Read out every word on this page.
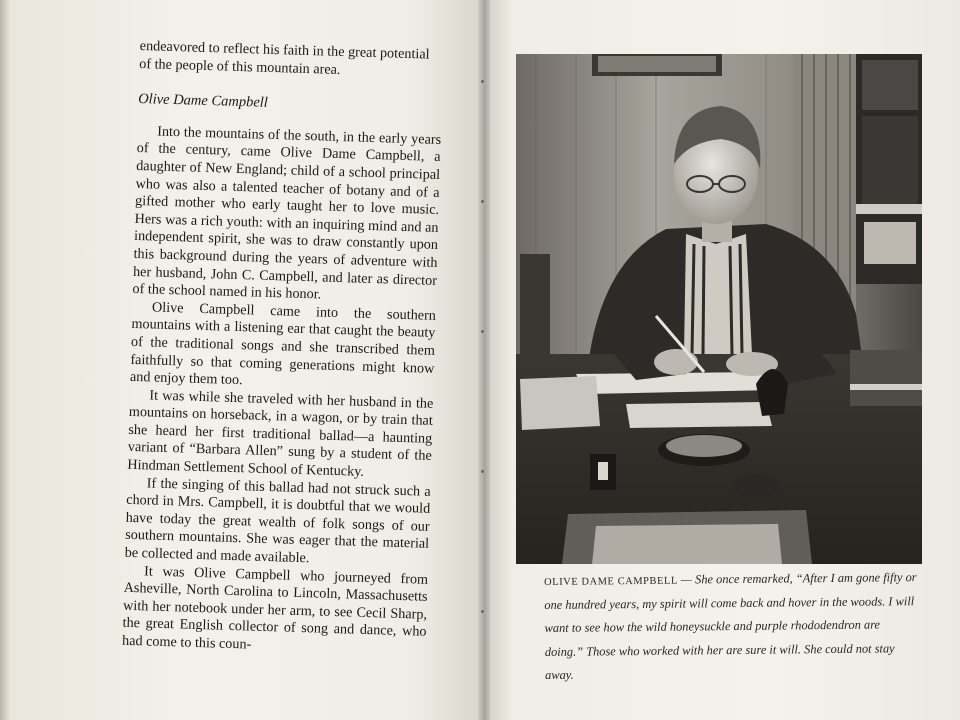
endeavored to reflect his faith in the great potential of the people of this mountain area.

Olive Dame Campbell

Into the mountains of the south, in the early years of the century, came Olive Dame Campbell, a daughter of New England; child of a school principal who was also a talented teacher of botany and of a gifted mother who early taught her to love music. Hers was a rich youth: with an inquiring mind and an independent spirit, she was to draw constantly upon this background during the years of adventure with her husband, John C. Campbell, and later as director of the school named in his honor.

Olive Campbell came into the southern mountains with a listening ear that caught the beauty of the traditional songs and she transcribed them faithfully so that coming generations might know and enjoy them too.

It was while she traveled with her husband in the mountains on horseback, in a wagon, or by train that she heard her first traditional ballad—a haunting variant of “Barbara Allen” sung by a student of the Hindman Settlement School of Kentucky.

If the singing of this ballad had not struck such a chord in Mrs. Campbell, it is doubtful that we would have today the great wealth of folk songs of our southern mountains. She was eager that the material be collected and made available.

It was Olive Campbell who journeyed from Asheville, North Carolina to Lincoln, Massachusetts with her notebook under her arm, to see Cecil Sharp, the great English collector of song and dance, who had come to this coun-

OLIVE DAME CAMPBELL — She once remarked, “After I am gone fifty or one hundred years, my spirit will come back and hover in the woods. I will want to see how the wild honeysuckle and purple rhododendron are doing.” Those who worked with her are sure it will. She could not stay away.
